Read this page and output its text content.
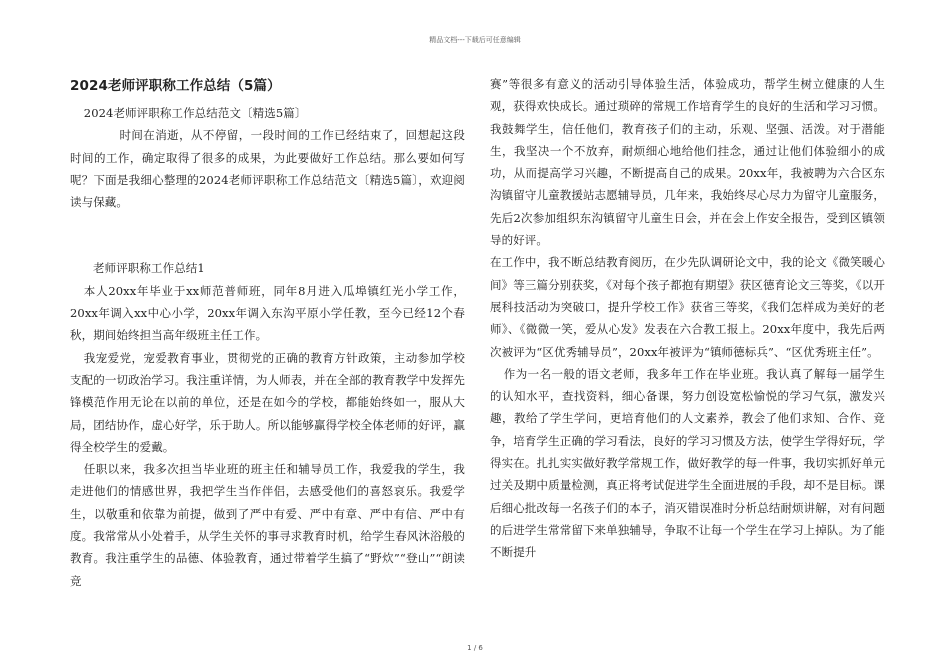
精品文档---下载后可任意编辑

2024老师评职称工作总结（5篇）

2024老师评职称工作总结范文〔精选5篇〕

时间在消逝，从不停留，一段时间的工作已经结束了，回想起这段时间的工作，确定取得了很多的成果，为此要做好工作总结。那么要如何写呢？下面是我细心整理的2024老师评职称工作总结范文〔精选5篇〕，欢迎阅读与保藏。

老师评职称工作总结1

本人20xx年毕业于xx师范普师班，同年8月进入瓜埠镇红光小学工作，20xx年调入xx中心小学，20xx年调入东沟平原小学任教，至今已经12个春秋，期间始终担当高年级班主任工作。

我宠爱党，宠爱教育事业，贯彻党的正确的教育方针政策，主动参加学校支配的一切政治学习。我注重详情，为人师表，并在全部的教育教学中发挥先锋模范作用无论在以前的单位，还是在如今的学校，都能始终如一，服从大局，团结协作，虚心好学，乐于助人。所以能够赢得学校全体老师的好评，赢得全校学生的爱戴。

任职以来，我多次担当毕业班的班主任和辅导员工作，我爱我的学生，我走进他们的情感世界，我把学生当作伴侣，去感受他们的喜怒哀乐。我爱学生，以敬重和依靠为前提，做到了严中有爱、严中有章、严中有信、严中有度。我常常从小处着手，从学生关怀的事寻求教育时机，给学生春风沐浴般的教育。我注重学生的品德、体验教育，通过带着学生搞了“野炊”“登山”“朗读竞

赛”等很多有意义的活动引导体验生活，体验成功，帮学生树立健康的人生观，获得欢快成长。通过琐碎的常规工作培育学生的良好的生活和学习习惯。我鼓舞学生，信任他们，教育孩子们的主动，乐观、坚强、活泼。对于潜能生，我坚决一个不放弃，耐烦细心地给他们挂念，通过让他们体验细小的成功，从而提高学习兴趣，不断提高自己的成果。20xx年，我被聘为六合区东沟镇留守儿童教援站志愿辅导员，几年来，我始终尽心尽力为留守儿童服务，先后2次参加组织东沟镇留守儿童生日会，并在会上作安全报告，受到区镇领导的好评。

在工作中，我不断总结教育阅历，在少先队调研论文中，我的论文《微笑暖心间》等三篇分别获奖，《对每个孩子都抱有期望》获区德育论文三等奖，《以开展科技活动为突破口，提升学校工作》获省三等奖，《我们怎样成为美好的老师》、《微微一笑，爱从心发》发表在六合教工报上。20xx年度中，我先后两次被评为“区优秀辅导员”，20xx年被评为“镇师德标兵”、“区优秀班主任”。

作为一名一般的语文老师，我多年工作在毕业班。我认真了解每一届学生的认知水平，查找资料，细心备课，努力创设宽松愉悦的学习气氛，激发兴趣，教给了学生学问，更培育他们的人文素养，教会了他们求知、合作、竞争，培育学生正确的学习看法，良好的学习习惯及方法，使学生学得好玩，学得实在。扎扎实实做好教学常规工作，做好教学的每一件事，我切实抓好单元过关及期中质量检测，真正将考试促进学生全面进展的手段，却不是目标。课后细心批改每一名孩子们的本子，消灭错误准时分析总结耐烦讲解，对有问题的后进学生常常留下来单独辅导，争取不让每一个学生在学习上掉队。为了能不断提升

1 / 6
